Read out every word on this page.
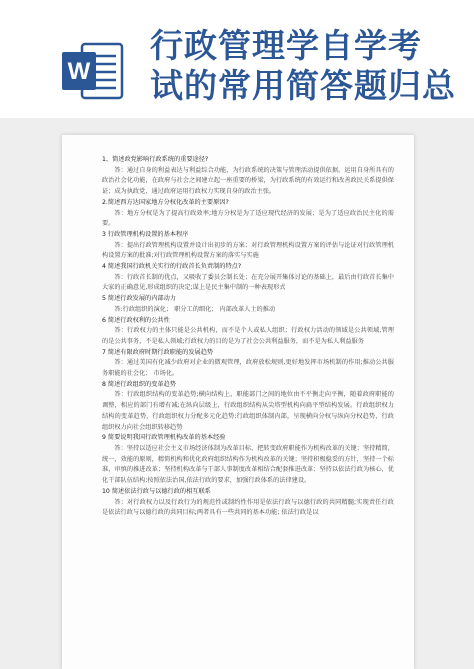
W
行政管理学自学考
试的常用简答题归总

1、简述政党影响行政系统的重要途径?

答：通过自身的利益表达与利益综合功能，为行政系统的决策与管理活动提供依据。运用自身所具有的政治社会化功能，在政府与社会之间建立起一座重要的桥梁，为行政系统的有效运行和改善政民关系提供保证；成为执政党，通过政府运用行政权力实现自身的政治主张。

2.简述西方达国家地方分权化改革的主要原因?

答：地方分权是为了提高行政效率;地方分权是为了适应现代经济的发展；是为了适应政治民主化的需要。

3 行政管理机构设置的基本程序

答：提出行政管理机构设置并设计出初步的方案；对行政管理机构设置方案的评估与论证对行政管理机构设置方案的批准;对行政管理机构设置方案的落实与实施

4 简述我国行政机关实行的行政首长负责制的特点?

答：行政首长制的优点，又吸收了委员会制长处；在充分展开集体讨论的基础上，最后由行政首长集中大家的正确意见,形成组织的决定;谋上是民主集中制的一种表现形式

5 简述行政发展的内部动力

答:行政组织的演化； 职分工的细化； 内部改革人士的推动

6 简述行政权利的公共性

答：行政权力的主体只能是公共机构，而不是个人或私人组织；行政权力活动的领域是公共领域,管理的是公共事务，不是私人领域;行政权力的目的是为了社会公共利益服务，而不是为私人利益服务

7 简述有限政府时期行政职能的发展趋势

答：通过美国有化减少政府对企业的微观管理，政府放松规则,更好地发挥市场机制的作用;推动公共服务职能的社会化； 市场化。

8 简述行政组织的变革趋势

答：行政组织结构的变革趋势;横向结构上，职能部门之间的地位由不平衡走向平衡，随着政府职能的调整，相应的部门有增有减;在纵向层级上，行政组织结构从尖塔型机构向扁平型结构发展。行政组织权力结构的变革趋势，行政组织权力分配多元化趋势:行政组织体制内部，呈现横向分权与纵向分权趋势，行政组织权力向社会组织转移趋势

9 简要说明我国行政管理机构改革的基本经验

答：坚持以适应社会主义市场经济体制为改革目标，把转变政府职能作为机构改革的关键；坚持精简，统一，效能的原则，精简机构和优化政府组织结构作为机构改革的关键；坚持积极稳妥的方针，坚持一个标准，审慎的推进改革；坚持机构改革与干部人事制度改革相结合配套推进改革；坚持以依法行政为核心，优化干部队伍结构;按照依法治国,依法行政的要求，加强行政体系的法律建设。

10 简述依法行政与以德行政的相互联系

答：对行政权力以及行政行为的规范性或制约性作用是依法行政与以德行政的共同精髓;实现责任行政是依法行政与以德行政的共同目标;两者具有一些共同的基本功能; 依法行政是以
